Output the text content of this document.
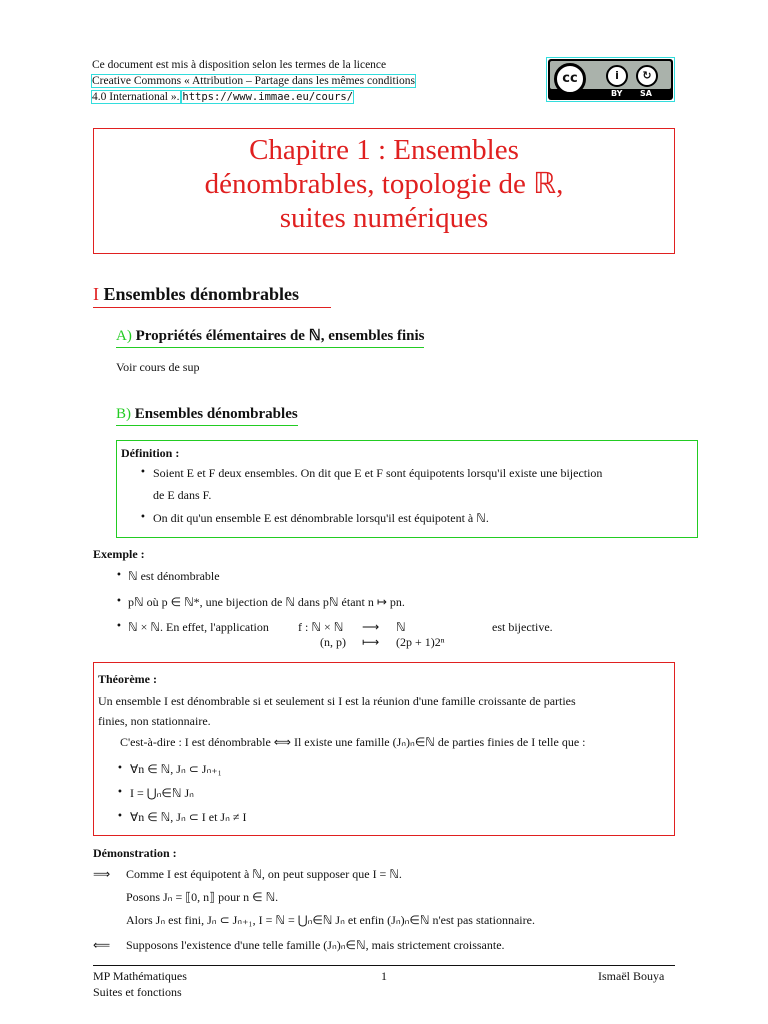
Ce document est mis à disposition selon les termes de la licence
Creative Commons « Attribution – Partage dans les mêmes conditions
4.0 International ». https://www.immae.eu/cours/
cc	i	↻
BY SA
Chapitre 1 : Ensembles
dénombrables, topologie de ℝ,
suites numériques
I Ensembles dénombrables
A) Propriétés élémentaires de ℕ, ensembles finis
Voir cours de sup
B) Ensembles dénombrables
Définition :
• Soient E et F deux ensembles. On dit que E et F sont équipotents lorsqu'il existe une bijection
de E dans F.
• On dit qu'un ensemble E est dénombrable lorsqu'il est équipotent à ℕ.
Exemple :
• ℕ est dénombrable
• pℕ où p ∈ ℕ*, une bijection de ℕ dans pℕ étant n ↦ pn.
• ℕ × ℕ. En effet, l'application f : ℕ × ℕ ⟶ ℕ
(n, p) ⟼ (2p + 1)2ⁿ
est bijective.
Théorème :
Un ensemble I est dénombrable si et seulement si I est la réunion d'une famille croissante de parties
finies, non stationnaire.
C'est-à-dire : I est dénombrable ⟺ Il existe une famille (Jₙ)ₙ∈ℕ de parties finies de I telle que :
• ∀n ∈ ℕ, Jₙ ⊂ Jₙ₊₁
• I = ⋃ₙ∈ℕ Jₙ
• ∀n ∈ ℕ, Jₙ ⊂ I et Jₙ ≠ I
Démonstration :
⟹ Comme I est équipotent à ℕ, on peut supposer que I = ℕ.
Posons Jₙ = ⟦0, n⟧ pour n ∈ ℕ.
Alors Jₙ est fini, Jₙ ⊂ Jₙ₊₁, I = ℕ = ⋃ₙ∈ℕ Jₙ et enfin (Jₙ)ₙ∈ℕ n'est pas stationnaire.
⟸ Supposons l'existence d'une telle famille (Jₙ)ₙ∈ℕ, mais strictement croissante.
MP Mathématiques
Suites et fonctions
1	Ismaël Bouya
